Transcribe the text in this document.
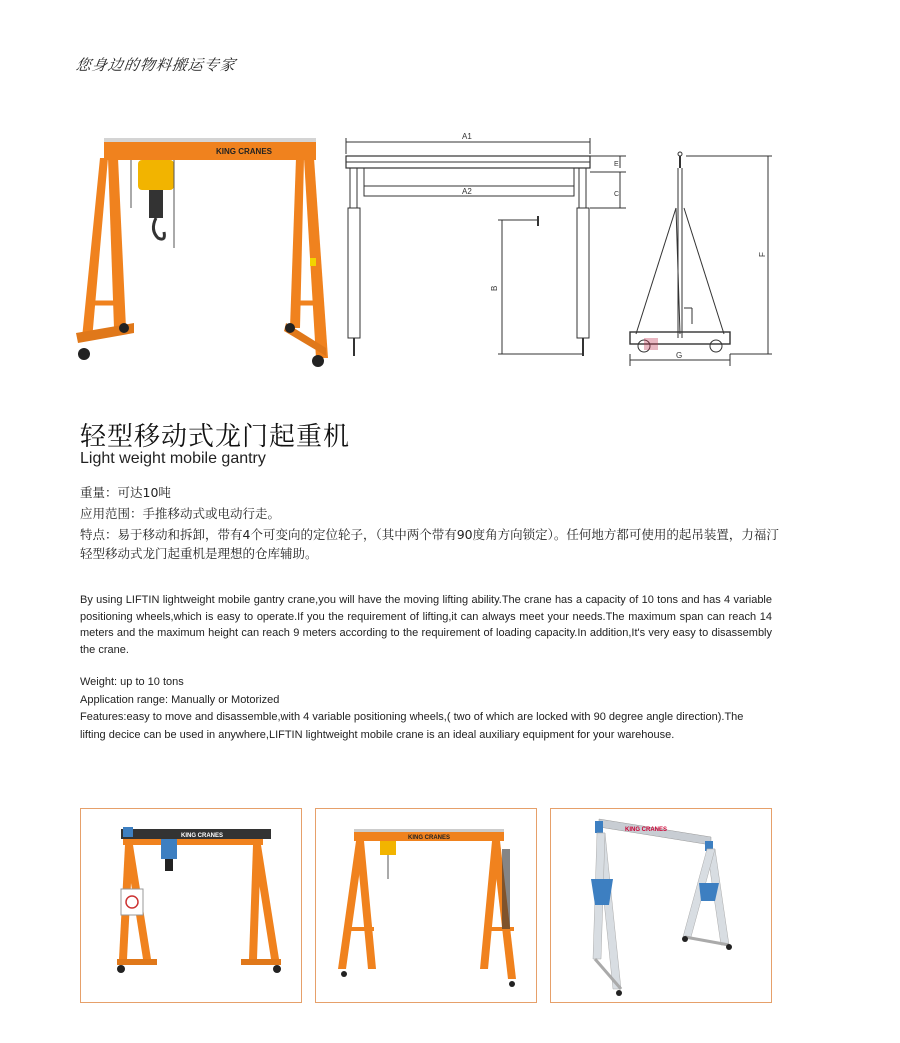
您身边的物料搬运专家
KING CRANES
A1
A2
B
E
C
F
G
轻型移动式龙门起重机
Light weight mobile gantry

重量：可达10吨

应用范围：手推移动式或电动行走。

特点：易于移动和拆卸，带有4个可变向的定位轮子，（其中两个带有90度角方向锁定）。任何地方都可使用的起吊装置，力福汀轻型移动式龙门起重机是理想的仓库辅助。

By using LIFTIN lightweight mobile gantry crane,you will have the moving lifting ability.The crane has a capacity of 10 tons and has 4 variable positioning wheels,which is easy to operate.If you the requirement of lifting,it can always meet your needs.The maximum span can reach 14 meters and the maximum height can reach 9 meters according to the requirement of loading capacity.In addition,It's very easy to disassembly the crane.

Weight: up to 10 tons

Application range: Manually or Motorized

Features:easy to move and disassemble,with 4 variable positioning wheels,( two of which are locked with 90 degree angle direction).The lifting decice can be used in anywhere,LIFTIN lightweight mobile crane is an ideal auxiliary equipment for your warehouse.

KING CRANES	KING CRANES
KING CRANES
